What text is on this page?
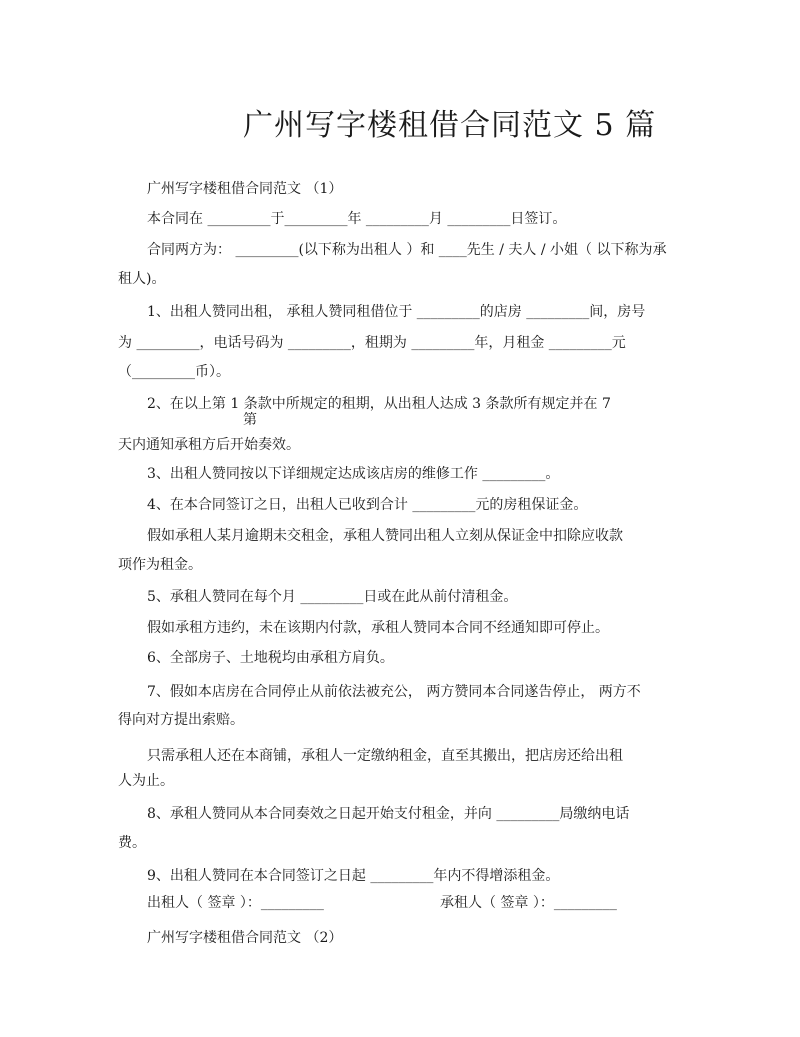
广州写字楼租借合同范文 5 篇
广州写字楼租借合同范文 （1）
本合同在 _________于_________年 _________月 _________日签订。
合同两方为： _________(以下称为出租人 ）和 ____先生 / 夫人 / 小姐（ 以下称为承
租人)。
1、出租人赞同出租， 承租人赞同租借位于 _________的店房 _________间，房号
为 _________，电话号码为 _________，租期为 _________年，月租金 _________元
（_________币）。
2、在以上第 1 条款中所规定的租期，从出租人达成 3 条款所有规定并在 7
第
天内通知承租方后开始奏效。
3、出租人赞同按以下详细规定达成该店房的维修工作 _________。
4、在本合同签订之日，出租人已收到合计 _________元的房租保证金。
假如承租人某月逾期未交租金，承租人赞同出租人立刻从保证金中扣除应收款
项作为租金。
5、承租人赞同在每个月 _________日或在此从前付清租金。
假如承租方违约，未在该期内付款，承租人赞同本合同不经通知即可停止。
6、全部房子、土地税均由承租方肩负。
7、假如本店房在合同停止从前依法被充公， 两方赞同本合同遂告停止， 两方不
得向对方提出索赔。
只需承租人还在本商铺，承租人一定缴纳租金，直至其搬出，把店房还给出租
人为止。
8、承租人赞同从本合同奏效之日起开始支付租金，并向 _________局缴纳电话
费。
9、出租人赞同在本合同签订之日起 _________年内不得增添租金。
出租人（ 签章 ）：_________	承租人（ 签章 ）：_________
广州写字楼租借合同范文 （2）
